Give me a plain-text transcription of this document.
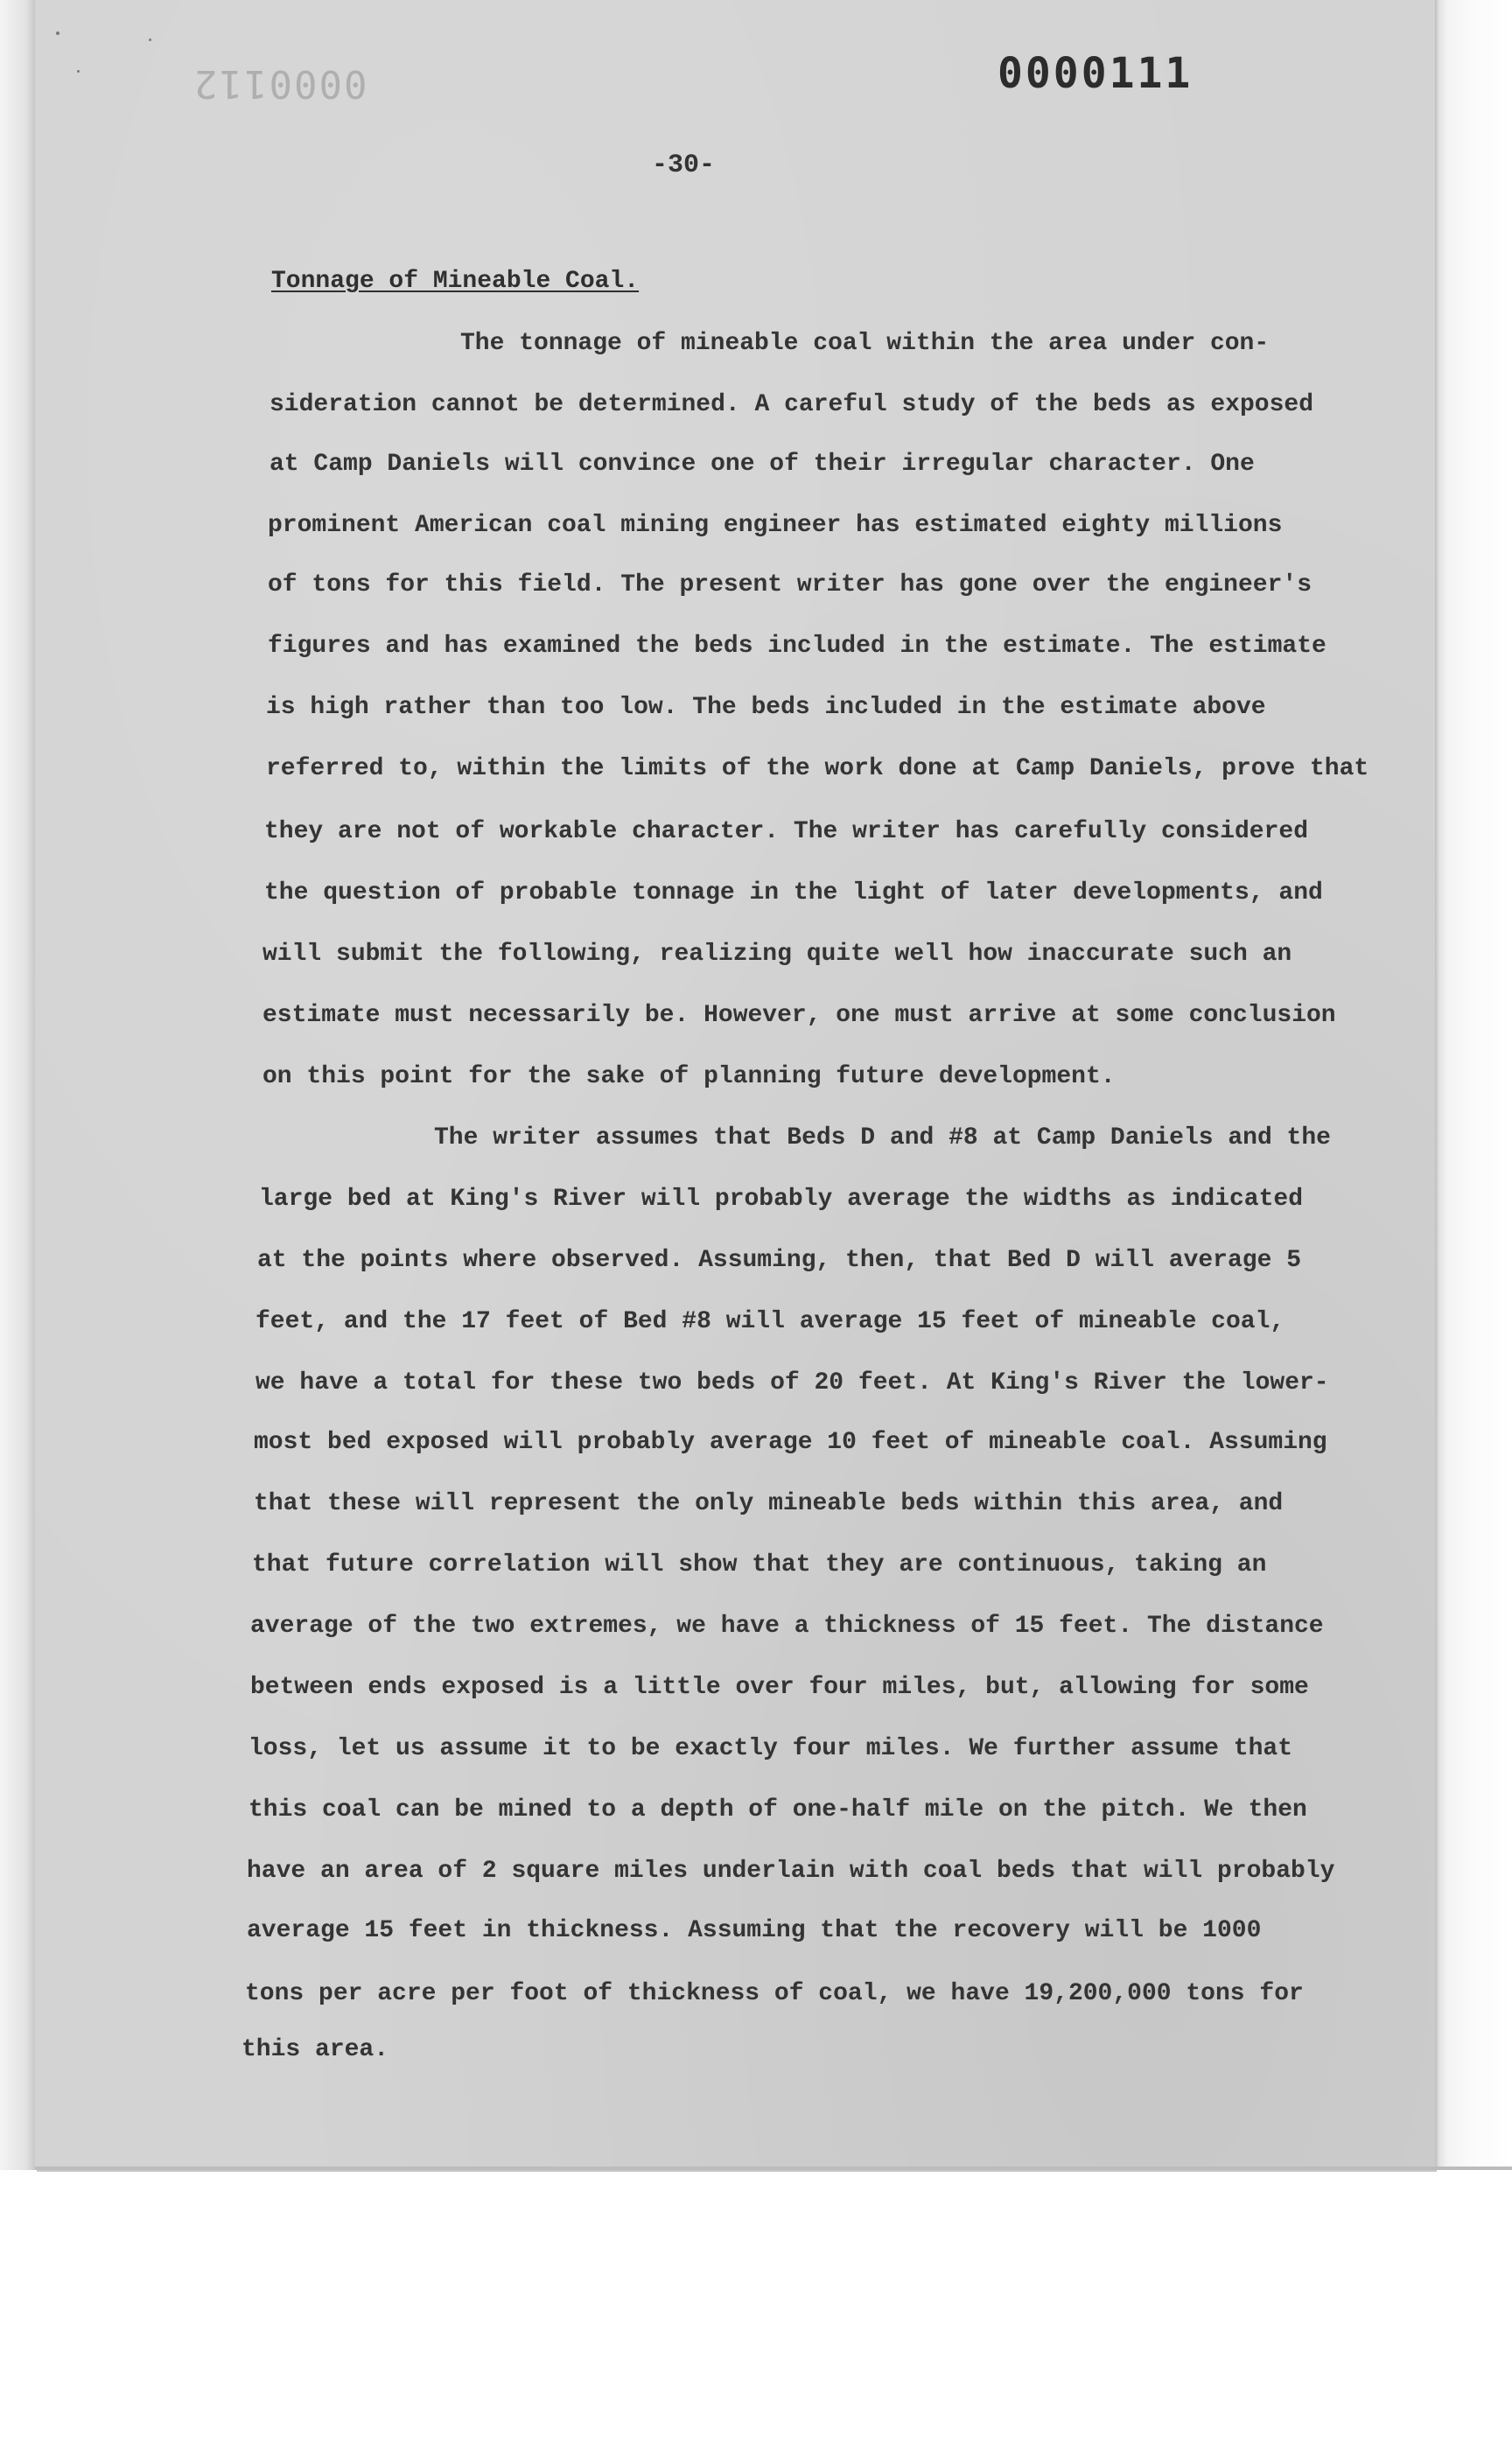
0000112	0000111
-30-
Tonnage of Mineable Coal.
The tonnage of mineable coal within the area under con-
sideration cannot be determined. A careful study of the beds as exposed
at Camp Daniels will convince one of their irregular character. One
prominent American coal mining engineer has estimated eighty millions
of tons for this field. The present writer has gone over the engineer's
figures and has examined the beds included in the estimate. The estimate
is high rather than too low. The beds included in the estimate above
referred to, within the limits of the work done at Camp Daniels, prove that
they are not of workable character. The writer has carefully considered
the question of probable tonnage in the light of later developments, and
will submit the following, realizing quite well how inaccurate such an
estimate must necessarily be. However, one must arrive at some conclusion
on this point for the sake of planning future development.
The writer assumes that Beds D and #8 at Camp Daniels and the
large bed at King's River will probably average the widths as indicated
at the points where observed. Assuming, then, that Bed D will average 5
feet, and the 17 feet of Bed #8 will average 15 feet of mineable coal,
we have a total for these two beds of 20 feet. At King's River the lower-
most bed exposed will probably average 10 feet of mineable coal. Assuming
that these will represent the only mineable beds within this area, and
that future correlation will show that they are continuous, taking an
average of the two extremes, we have a thickness of 15 feet. The distance
between ends exposed is a little over four miles, but, allowing for some
loss, let us assume it to be exactly four miles. We further assume that
this coal can be mined to a depth of one-half mile on the pitch. We then
have an area of 2 square miles underlain with coal beds that will probably
average 15 feet in thickness. Assuming that the recovery will be 1000
tons per acre per foot of thickness of coal, we have 19,200,000 tons for
this area.
